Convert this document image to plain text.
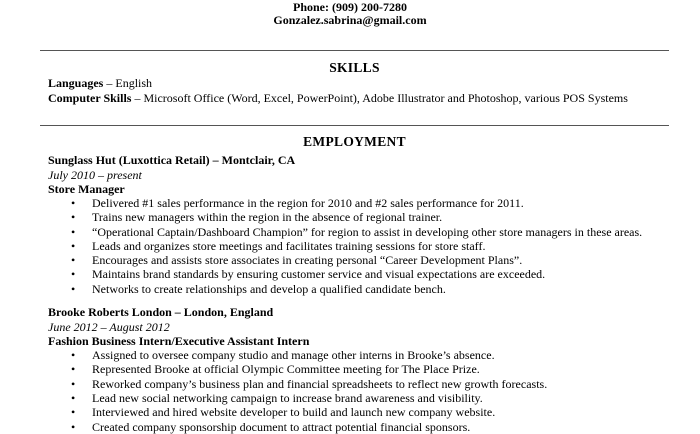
Phone: (909) 200-7280
Gonzalez.sabrina@gmail.com
SKILLS
Languages – English
Computer Skills – Microsoft Office (Word, Excel, PowerPoint), Adobe Illustrator and Photoshop, various POS Systems
EMPLOYMENT
Sunglass Hut (Luxottica Retail) – Montclair, CA
July 2010 – present
Store Manager
• Delivered #1 sales performance in the region for 2010 and #2 sales performance for 2011.
• Trains new managers within the region in the absence of regional trainer.
• “Operational Captain/Dashboard Champion” for region to assist in developing other store managers in these areas.
• Leads and organizes store meetings and facilitates training sessions for store staff.
• Encourages and assists store associates in creating personal “Career Development Plans”.
• Maintains brand standards by ensuring customer service and visual expectations are exceeded.
• Networks to create relationships and develop a qualified candidate bench.
Brooke Roberts London – London, England
June 2012 – August 2012
Fashion Business Intern/Executive Assistant Intern
• Assigned to oversee company studio and manage other interns in Brooke’s absence.
• Represented Brooke at official Olympic Committee meeting for The Place Prize.
• Reworked company’s business plan and financial spreadsheets to reflect new growth forecasts.
• Lead new social networking campaign to increase brand awareness and visibility.
• Interviewed and hired website developer to build and launch new company website.
• Created company sponsorship document to attract potential financial sponsors.
